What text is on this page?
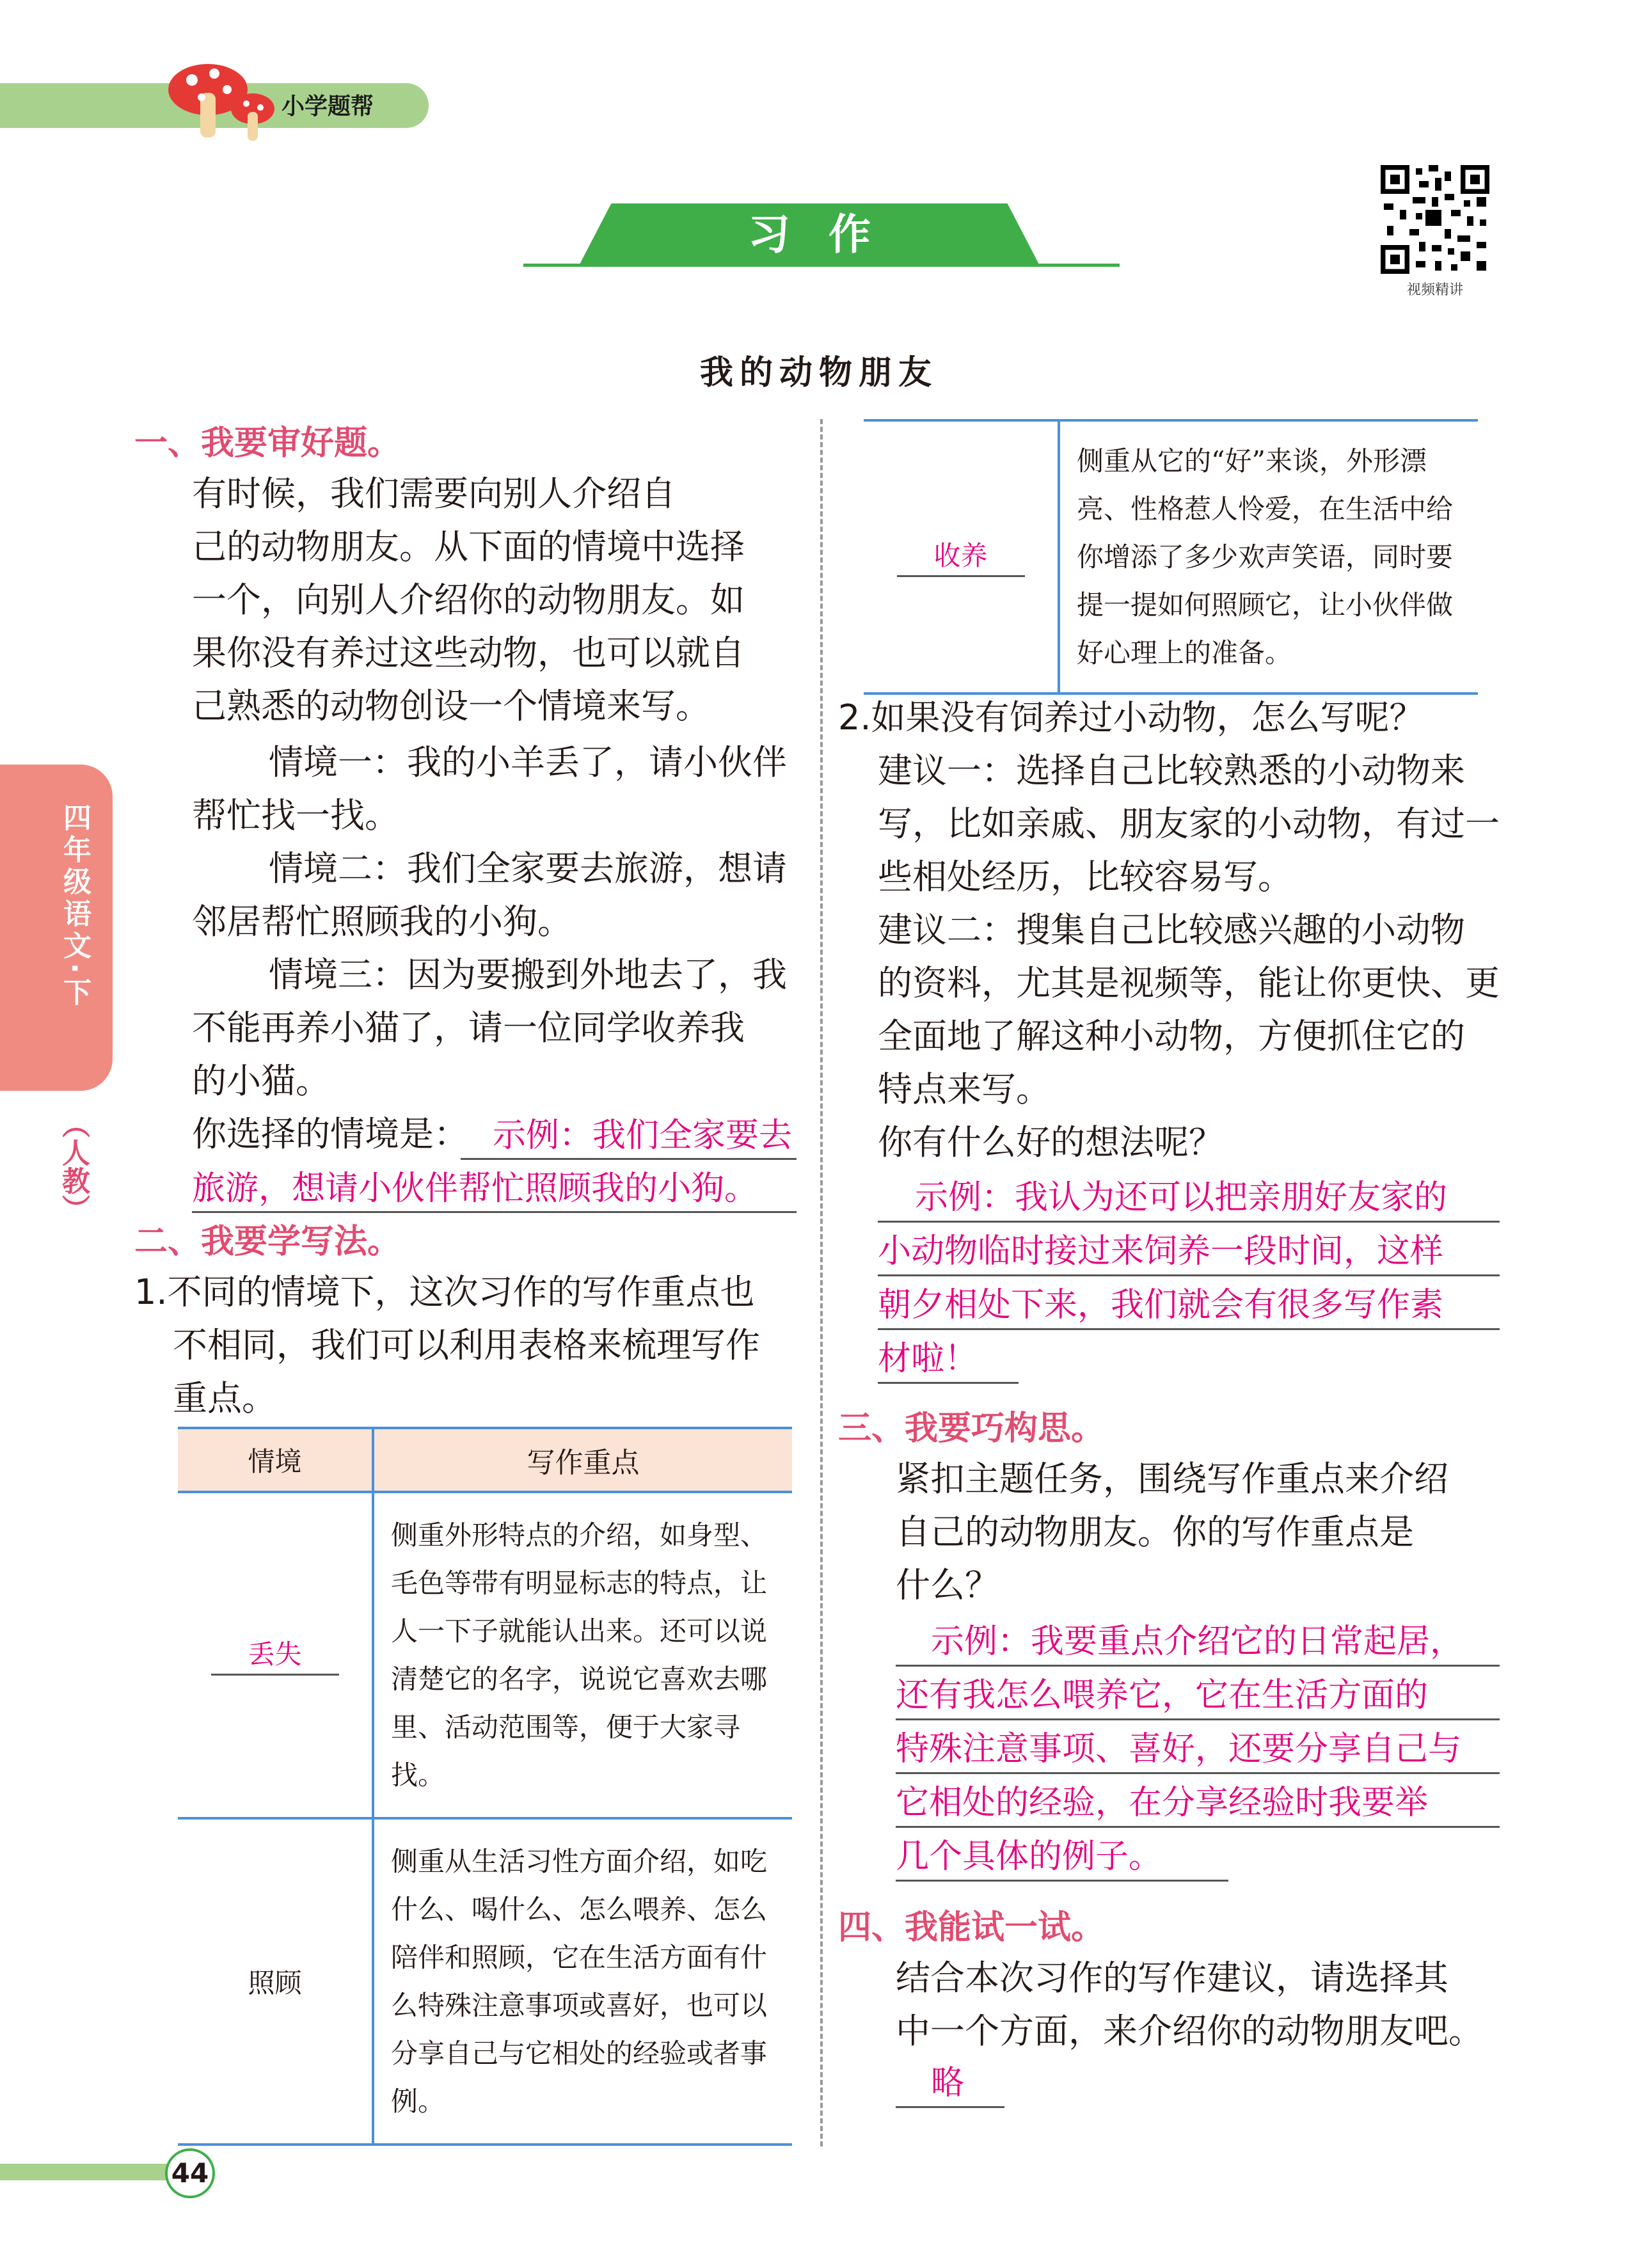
小学题帮
习作
视频精讲
我的动物朋友
四年级语文·下
（人教）
一、我要审好题。
有时候，我们需要向别人介绍自
己的动物朋友。从下面的情境中选择
一个，向别人介绍你的动物朋友。如
果你没有养过这些动物，也可以就自
己熟悉的动物创设一个情境来写。
情境一：我的小羊丢了，请小伙伴
帮忙找一找。
情境二：我们全家要去旅游，想请
邻居帮忙照顾我的小狗。
情境三：因为要搬到外地去了，我
不能再养小猫了，请一位同学收养我
的小猫。
你选择的情境是： 示例：我们全家要去
旅游，想请小伙伴帮忙照顾我的小狗。
二、我要学写法。
1.不同的情境下，这次习作的写作重点也
不相同，我们可以利用表格来梳理写作
重点。
情境	写作重点
丢失	侧重外形特点的介绍，如身型、毛色等带有明显标志的特点，让人一下子就能认出来。还可以说清楚它的名字，说说它喜欢去哪里、活动范围等，便于大家寻找。
照顾	侧重从生活习性方面介绍，如吃什么、喝什么、怎么喂养、怎么陪伴和照顾，它在生活方面有什么特殊注意事项或喜好，也可以分享自己与它相处的经验或者事例。
收养	侧重从它的“好”来谈，外形漂亮、性格惹人怜爱，在生活中给你增添了多少欢声笑语，同时要提一提如何照顾它，让小伙伴做好心理上的准备。
2.如果没有饲养过小动物，怎么写呢？
建议一：选择自己比较熟悉的小动物来
写，比如亲戚、朋友家的小动物，有过一
些相处经历，比较容易写。
建议二：搜集自己比较感兴趣的小动物
的资料，尤其是视频等，能让你更快、更
全面地了解这种小动物，方便抓住它的
特点来写。
你有什么好的想法呢？
示例：我认为还可以把亲朋好友家的
小动物临时接过来饲养一段时间，这样
朝夕相处下来，我们就会有很多写作素
材啦！
三、我要巧构思。
紧扣主题任务，围绕写作重点来介绍
自己的动物朋友。你的写作重点是
什么？
示例：我要重点介绍它的日常起居，
还有我怎么喂养它，它在生活方面的
特殊注意事项、喜好，还要分享自己与
它相处的经验，在分享经验时我要举
几个具体的例子。
四、我能试一试。
结合本次习作的写作建议，请选择其
中一个方面，来介绍你的动物朋友吧。
略
44
